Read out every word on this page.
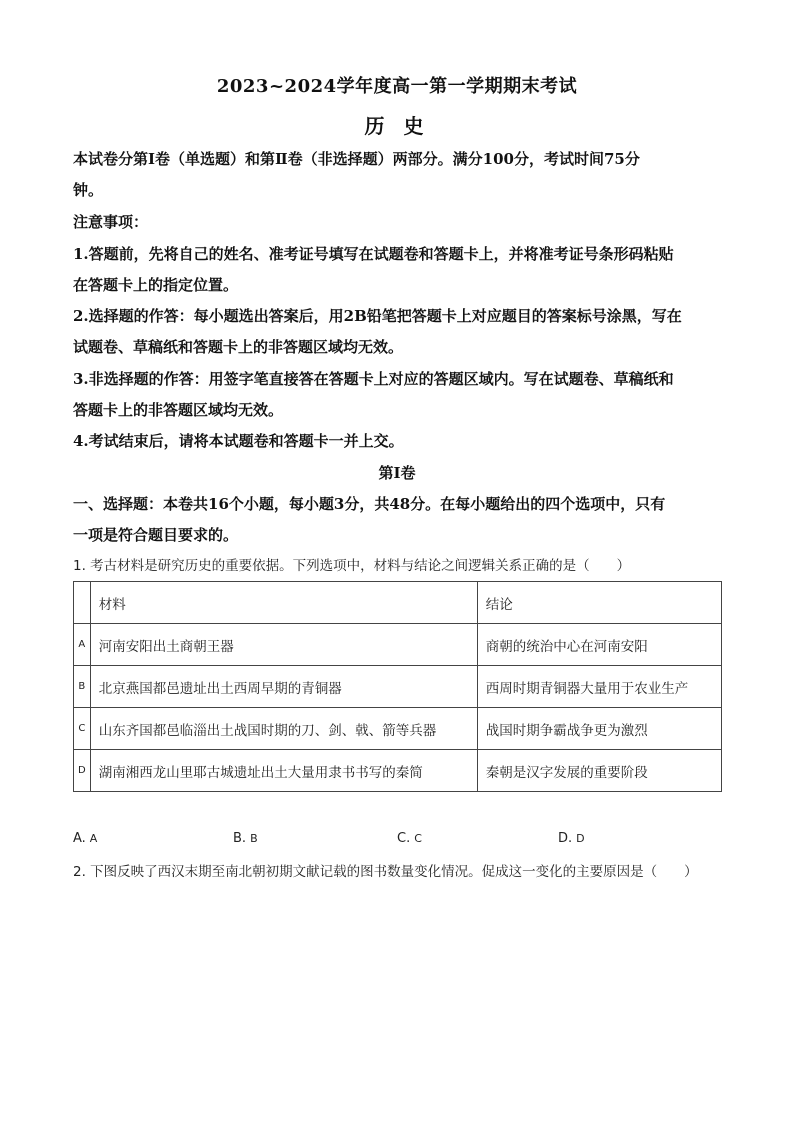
2023~2024学年度高一第一学期期末考试
历 史
本试卷分第Ⅰ卷（单选题）和第Ⅱ卷（非选择题）两部分。满分100分，考试时间75分
钟。
注意事项：
1.答题前，先将自己的姓名、准考证号填写在试题卷和答题卡上，并将准考证号条形码粘贴
在答题卡上的指定位置。
2.选择题的作答：每小题选出答案后，用2B铅笔把答题卡上对应题目的答案标号涂黑，写在
试题卷、草稿纸和答题卡上的非答题区域均无效。
3.非选择题的作答：用签字笔直接答在答题卡上对应的答题区域内。写在试题卷、草稿纸和
答题卡上的非答题区域均无效。
4.考试结束后，请将本试题卷和答题卡一并上交。
第Ⅰ卷
一、选择题：本卷共16个小题，每小题3分，共48分。在每小题给出的四个选项中，只有
一项是符合题目要求的。
1. 考古材料是研究历史的重要依据。下列选项中，材料与结论之间逻辑关系正确的是（　　）
	材料	结论
A	河南安阳出土商朝王器	商朝的统治中心在河南安阳
B	北京燕国都邑遗址出土西周早期的青铜器	西周时期青铜器大量用于农业生产
C	山东齐国都邑临淄出土战国时期的刀、剑、戟、箭等兵器	战国时期争霸战争更为激烈
D	湖南湘西龙山里耶古城遗址出土大量用隶书书写的秦简	秦朝是汉字发展的重要阶段
A. A	B. B	C. C	D. D
2. 下图反映了西汉末期至南北朝初期文献记载的图书数量变化情况。促成这一变化的主要原因是（　　）
